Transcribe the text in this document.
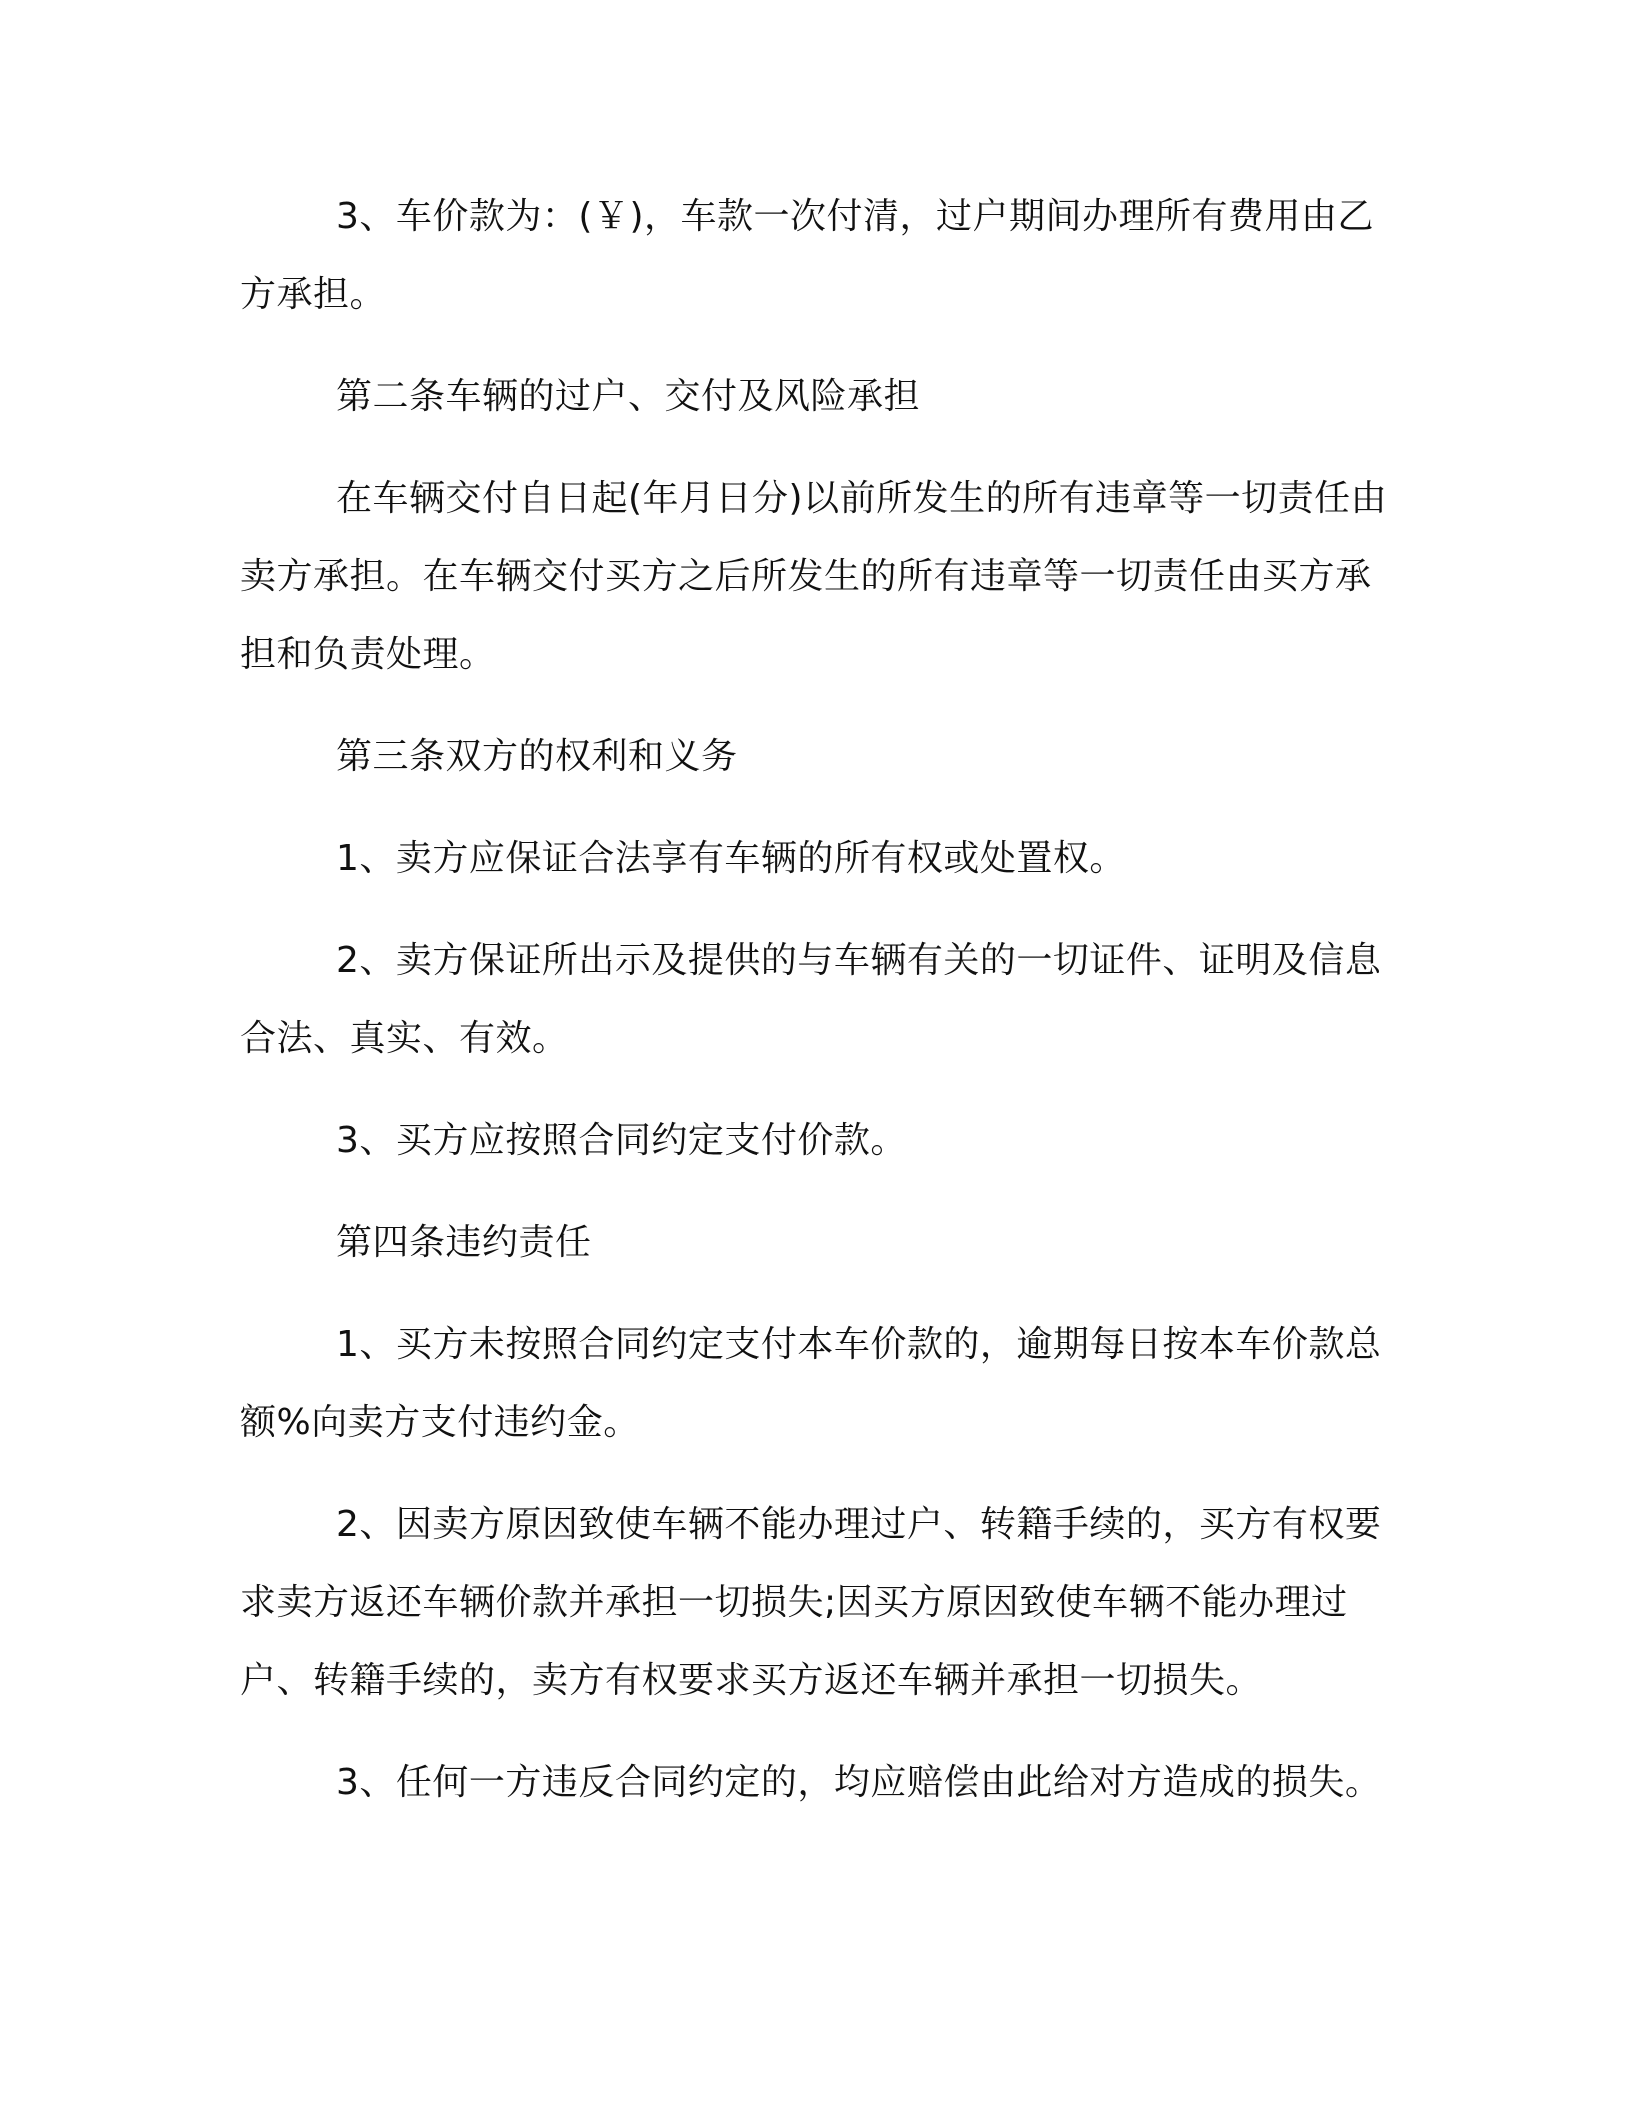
3、车价款为：(￥)，车款一次付清，过户期间办理所有费用由乙方承担。

第二条车辆的过户、交付及风险承担

在车辆交付自日起(年月日分)以前所发生的所有违章等一切责任由卖方承担。在车辆交付买方之后所发生的所有违章等一切责任由买方承担和负责处理。

第三条双方的权利和义务

1、卖方应保证合法享有车辆的所有权或处置权。

2、卖方保证所出示及提供的与车辆有关的一切证件、证明及信息合法、真实、有效。

3、买方应按照合同约定支付价款。

第四条违约责任

1、买方未按照合同约定支付本车价款的，逾期每日按本车价款总额%向卖方支付违约金。

2、因卖方原因致使车辆不能办理过户、转籍手续的，买方有权要求卖方返还车辆价款并承担一切损失;因买方原因致使车辆不能办理过户、转籍手续的，卖方有权要求买方返还车辆并承担一切损失。

3、任何一方违反合同约定的，均应赔偿由此给对方造成的损失。
